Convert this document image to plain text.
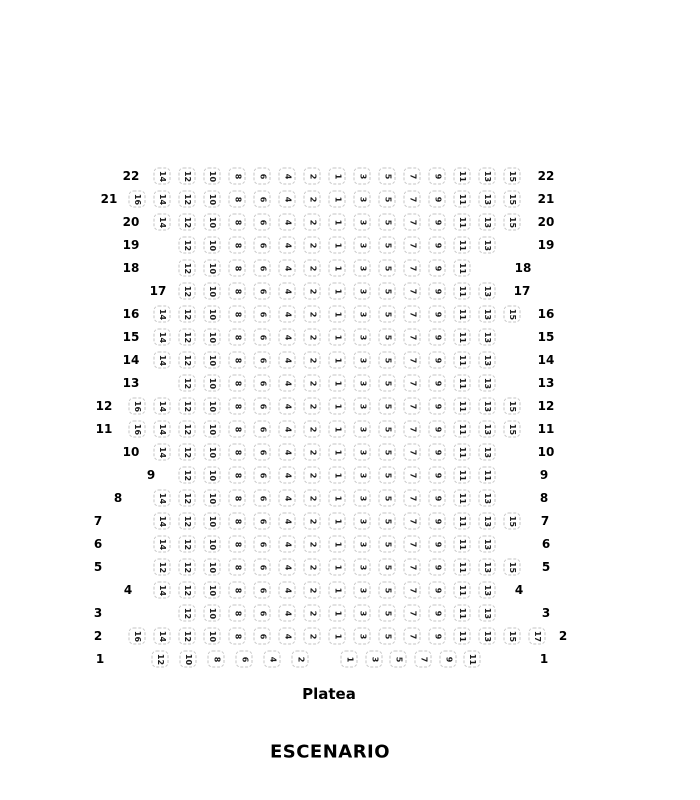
22	22
14 12 10 8 6 4 2 1 3 5 7 9 11 13 15
21	21
16 14 12 10 8 6 4 2 1 3 5 7 9 11 13 15
20	20
14 12 10 8 6 4 2 1 3 5 7 9 11 13 15
19	19
12 10 8 6 4 2 1 3 5 7 9 11 13
18	18
12 10 8 6 4 2 1 3 5 7 9 11
17	17
12 10 8 6 4 2 1 3 5 7 9 11 13
16	16
14 12 10 8 6 4 2 1 3 5 7 9 11 13 15
15	15
14 12 10 8 6 4 2 1 3 5 7 9 11 13
14	14
14 12 10 8 6 4 2 1 3 5 7 9 11 13
13	13
12 10 8 6 4 2 1 3 5 7 9 11 13
12	12
16 14 12 10 8 6 4 2 1 3 5 7 9 11 13 15
11	11
16 14 12 10 8 6 4 2 1 3 5 7 9 11 13 15
10	10
14 12 10 8 6 4 2 1 3 5 7 9 11 13
9	9
12 10 8 6 4 2 1 3 5 7 9 11 11
8	8
14 12 10 8 6 4 2 1 3 5 7 9 11 13
7	7
14 12 10 8 6 4 2 1 3 5 7 9 11 13 15
6	6
14 12 10 8 6 4 2 1 3 5 7 9 11 13
5	5
12 12 10 8 6 4 2 1 3 5 7 9 11 13 15
4	4
14 12 10 8 6 4 2 1 3 5 7 9 11 13
3	3
12 10 8 6 4 2 1 3 5 7 9 11 13
2	2
16 14 12 10 8 6 4 2 1 3 5 7 9 11 13 15 17
1	1
12 10 8 6 4 2	1 3 5 7 9 11
Platea
ESCENARIO
